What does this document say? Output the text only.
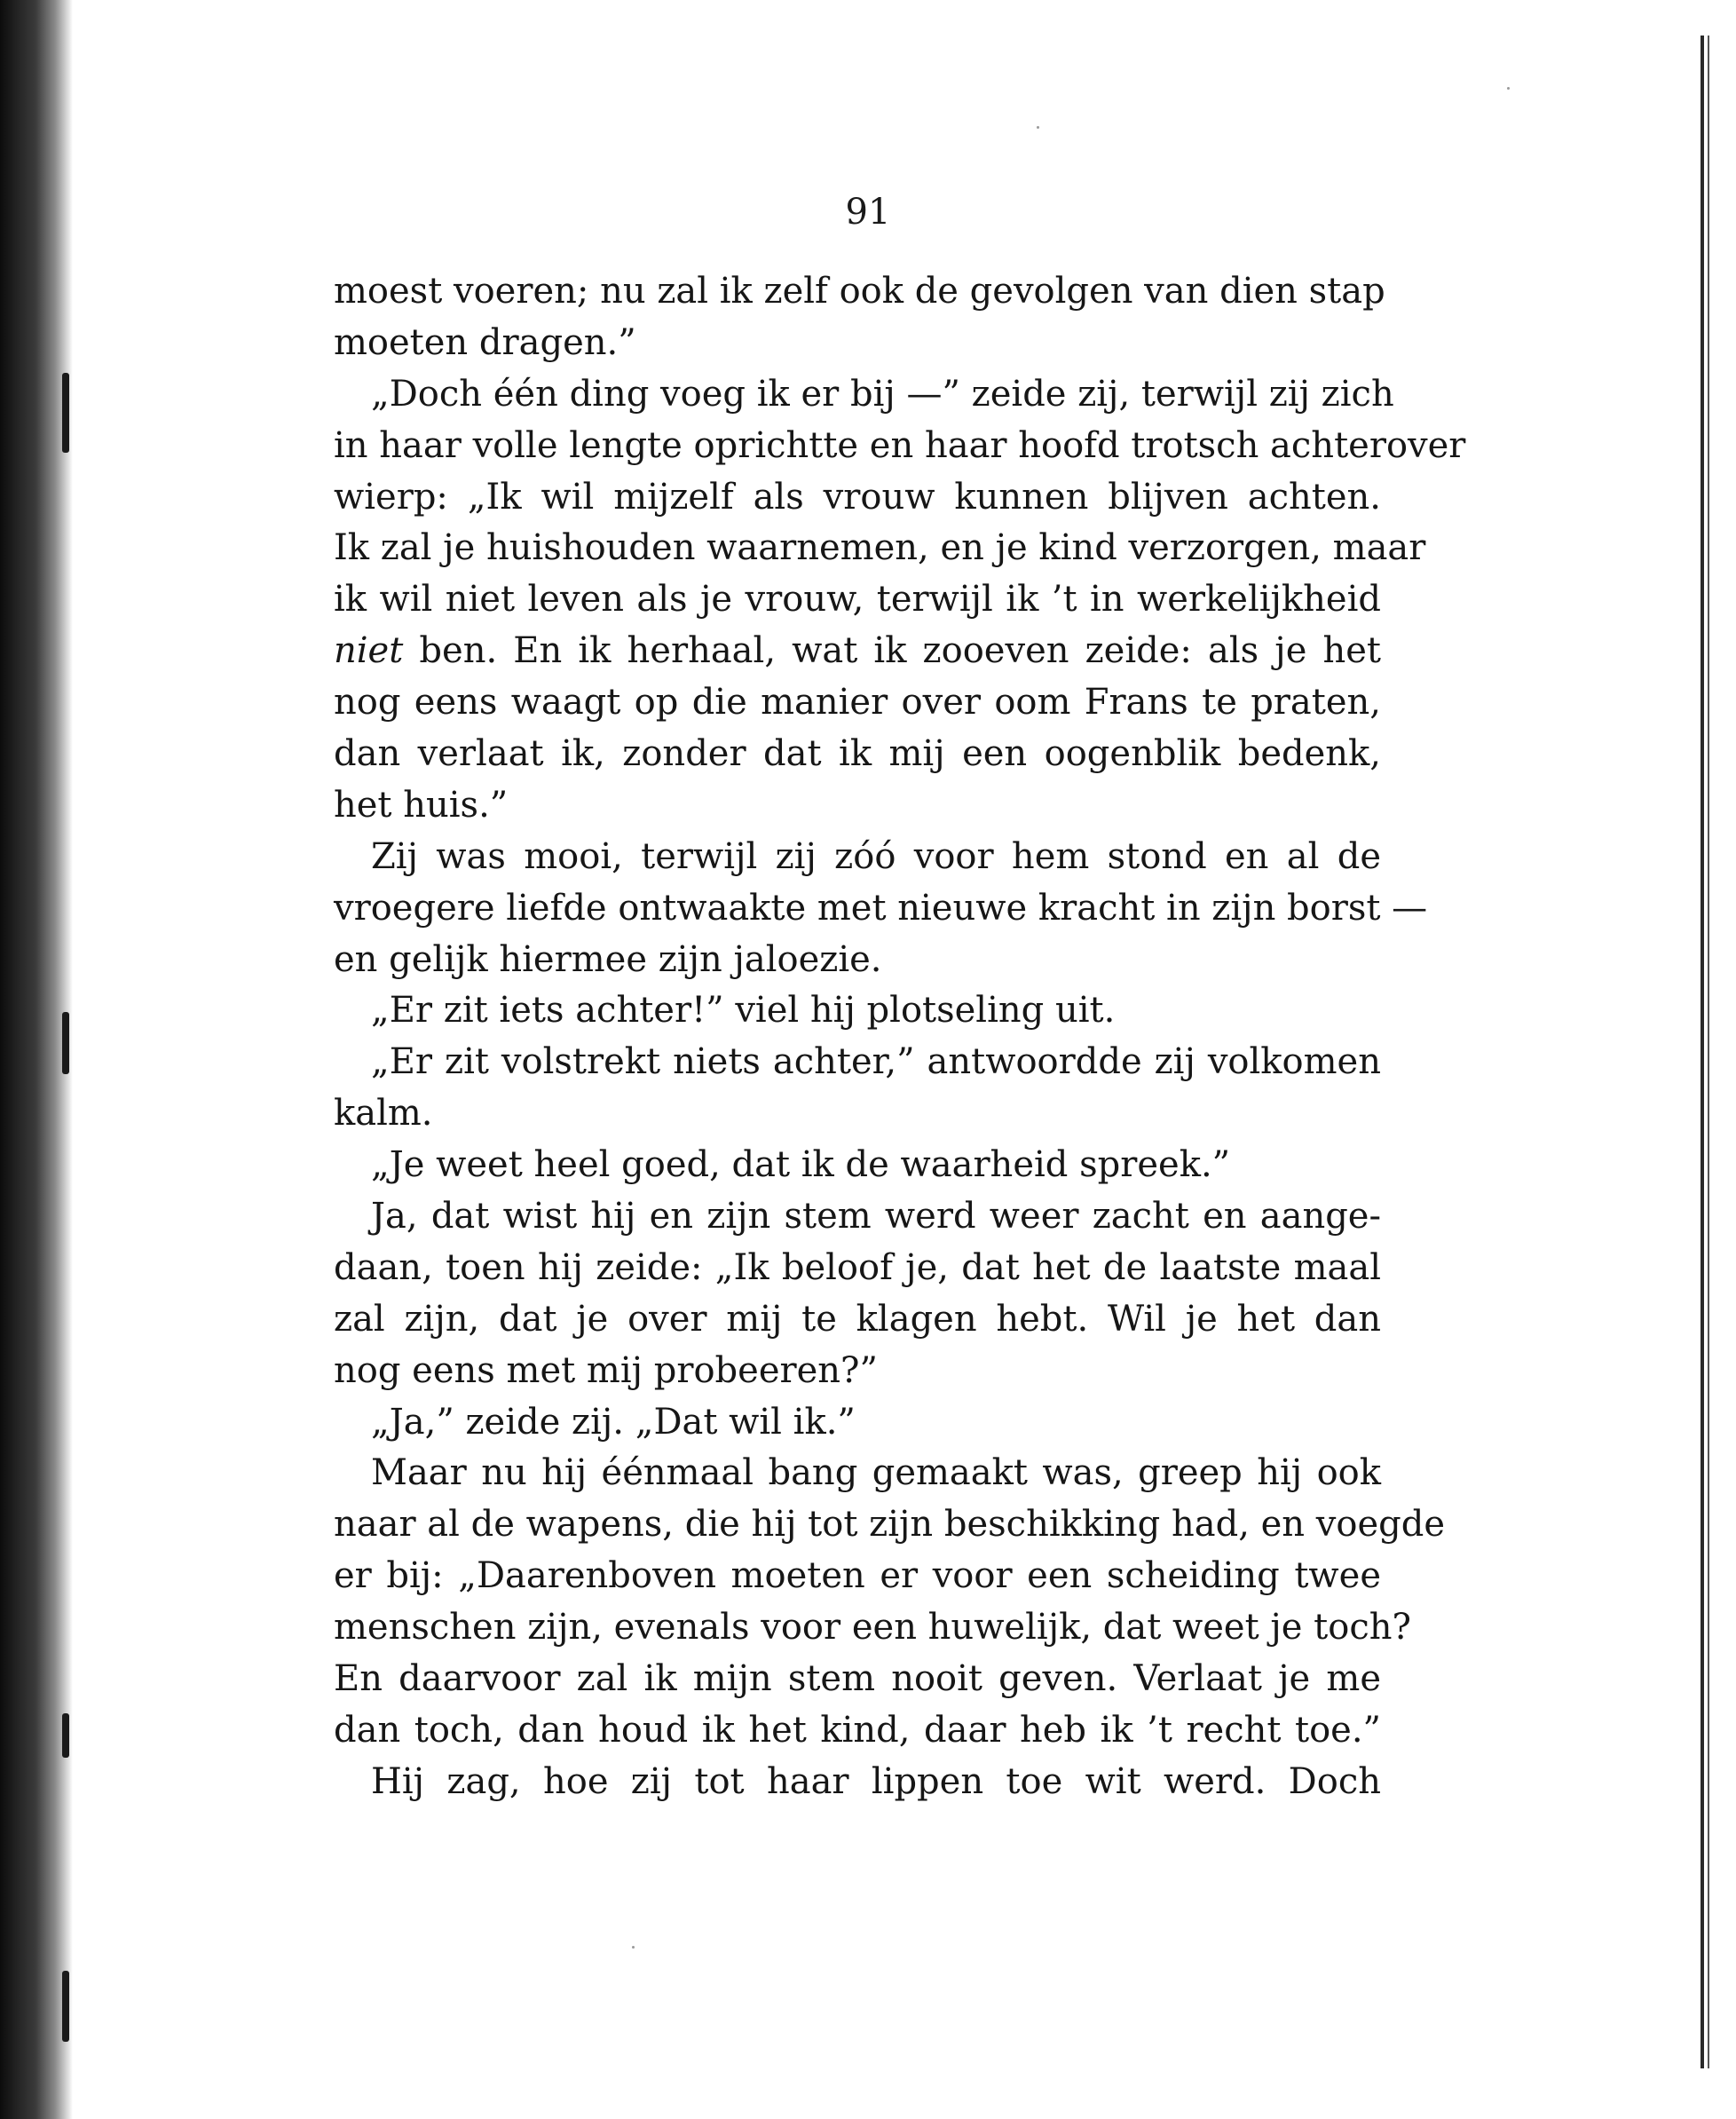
91
moest voeren; nu zal ik zelf ook de gevolgen van dien stap
moeten dragen.”
„Doch één ding voeg ik er bij —” zeide zij, terwijl zij zich
in haar volle lengte oprichtte en haar hoofd trotsch achterover
wierp: „Ik wil mijzelf als vrouw kunnen blijven achten.
Ik zal je huishouden waarnemen, en je kind verzorgen, maar
ik wil niet leven als je vrouw, terwijl ik ’t in werkelijkheid
niet ben. En ik herhaal, wat ik zooeven zeide: als je het
nog eens waagt op die manier over oom Frans te praten,
dan verlaat ik, zonder dat ik mij een oogenblik bedenk,
het huis.”
Zij was mooi, terwijl zij zóó voor hem stond en al de
vroegere liefde ontwaakte met nieuwe kracht in zijn borst —
en gelijk hiermee zijn jaloezie.
„Er zit iets achter!” viel hij plotseling uit.
„Er zit volstrekt niets achter,” antwoordde zij volkomen
kalm.
„Je weet heel goed, dat ik de waarheid spreek.”
Ja, dat wist hij en zijn stem werd weer zacht en aange-
daan, toen hij zeide: „Ik beloof je, dat het de laatste maal
zal zijn, dat je over mij te klagen hebt. Wil je het dan
nog eens met mij probeeren?”
„Ja,” zeide zij. „Dat wil ik.”
Maar nu hij éénmaal bang gemaakt was, greep hij ook
naar al de wapens, die hij tot zijn beschikking had, en voegde
er bij: „Daarenboven moeten er voor een scheiding twee
menschen zijn, evenals voor een huwelijk, dat weet je toch?
En daarvoor zal ik mijn stem nooit geven. Verlaat je me
dan toch, dan houd ik het kind, daar heb ik ’t recht toe.”
Hij zag, hoe zij tot haar lippen toe wit werd. Doch
